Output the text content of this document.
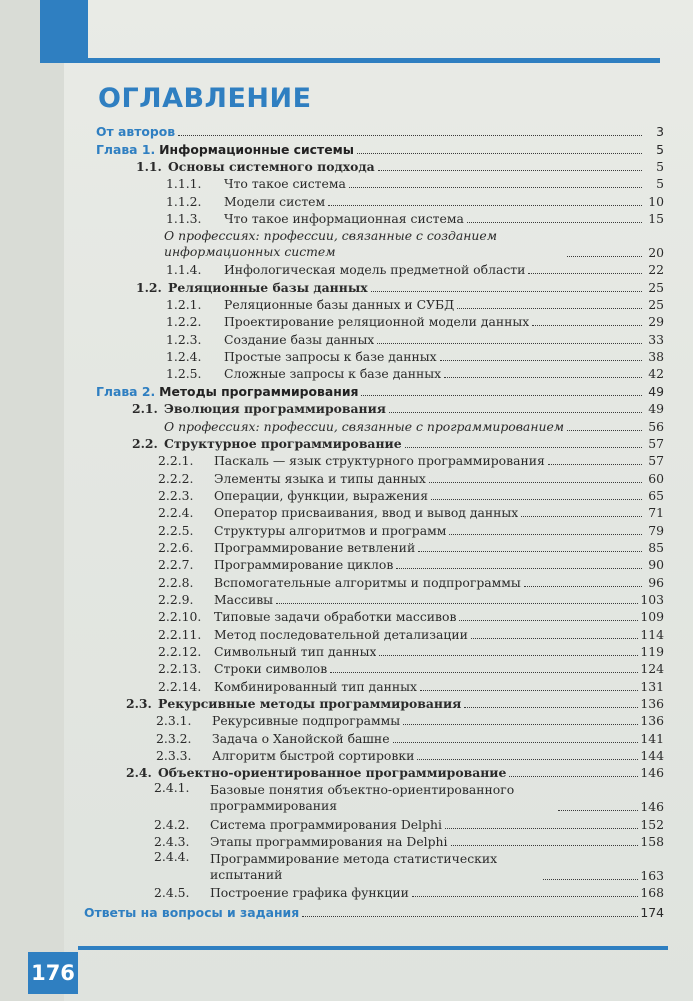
ОГЛАВЛЕНИЕ
От авторов	3
Глава 1. Информационные системы	5
1.1. Основы системного подхода	5
1.1.1.	Что такое система	5
1.1.2.	Модели систем	10
1.1.3.	Что такое информационная система	15
О профессиях: профессии, связанные с созданием информационных систем	20
1.1.4.	Инфологическая модель предметной области	22
1.2. Реляционные базы данных	25
1.2.1.	Реляционные базы данных и СУБД	25
1.2.2.	Проектирование реляционной модели данных	29
1.2.3.	Создание базы данных	33
1.2.4.	Простые запросы к базе данных	38
1.2.5.	Сложные запросы к базе данных	42
Глава 2. Методы программирования	49
2.1. Эволюция программирования	49
О профессиях: профессии, связанные с программированием	56
2.2. Структурное программирование	57
2.2.1.	Паскаль — язык структурного программирования	57
2.2.2.	Элементы языка и типы данных	60
2.2.3.	Операции, функции, выражения	65
2.2.4.	Оператор присваивания, ввод и вывод данных	71
2.2.5.	Структуры алгоритмов и программ	79
2.2.6.	Программирование ветвлений	85
2.2.7.	Программирование циклов	90
2.2.8.	Вспомогательные алгоритмы и подпрограммы	96
2.2.9.	Массивы	103
2.2.10.	Типовые задачи обработки массивов	109
2.2.11.	Метод последовательной детализации	114
2.2.12.	Символьный тип данных	119
2.2.13.	Строки символов	124
2.2.14.	Комбинированный тип данных	131
2.3. Рекурсивные методы программирования	136
2.3.1.	Рекурсивные подпрограммы	136
2.3.2.	Задача о Ханойской башне	141
2.3.3.	Алгоритм быстрой сортировки	144
2.4. Объектно-ориентированное программирование	146
2.4.1.	Базовые понятия объектно-ориентированного программирования	146
2.4.2.	Система программирования Delphi	152
2.4.3.	Этапы программирования на Delphi	158
2.4.4.	Программирование метода статистических испытаний	163
2.4.5.	Построение графика функции	168
Ответы на вопросы и задания	174
176
